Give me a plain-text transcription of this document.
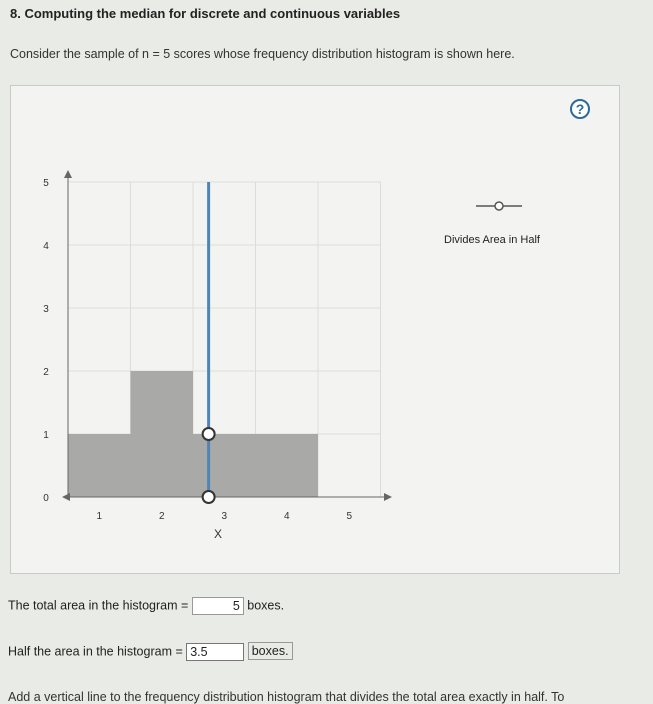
8. Computing the median for discrete and continuous variables
Consider the sample of n = 5 scores whose frequency distribution histogram is shown here.
?
Divides Area in Half
0
1
2
3
4
5
1	2	3	4	5
X
The total area in the histogram =	5 boxes.
Half the area in the histogram = 3.5	boxes.
Add a vertical line to the frequency distribution histogram that divides the total area exactly in half. To
